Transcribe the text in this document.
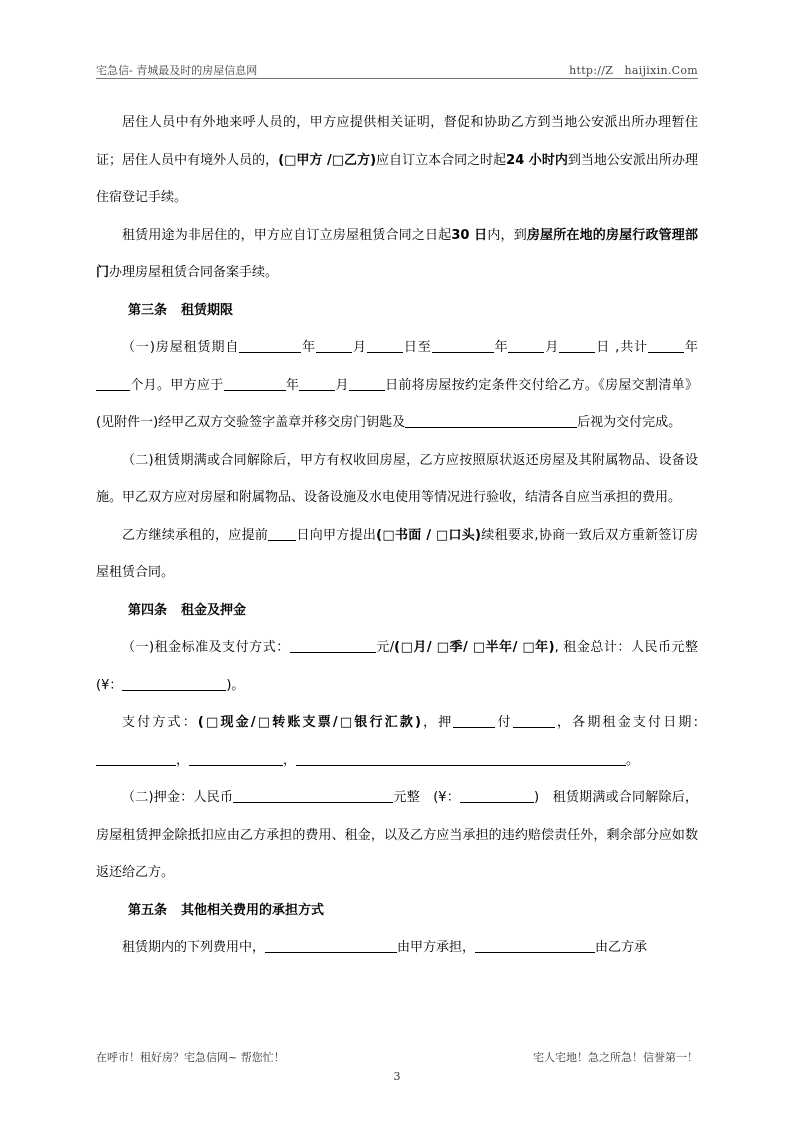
宅急信- 青城最及时的房屋信息网	http://Z　haijixin.Com

居住人员中有外地来呼人员的，甲方应提供相关证明，督促和协助乙方到当地公安派出所办理暂住证；居住人员中有境外人员的，(□甲方 /□乙方)应自订立本合同之时起24 小时内到当地公安派出所办理住宿登记手续。

租赁用途为非居住的，甲方应自订立房屋租赁合同之日起30 日内，到房屋所在地的房屋行政管理部门办理房屋租赁合同备案手续。

第三条 租赁期限

（一)房屋租赁期自	年	月	日至	年	月	日 ,共计	年个月。甲方应于	年	月	日前将房屋按约定条件交付给乙方。《房屋交割清单》(见附件一)经甲乙双方交验签字盖章并移交房门钥匙及	后视为交付完成。

（二)租赁期满或合同解除后，甲方有权收回房屋，乙方应按照原状返还房屋及其附属物品、设备设施。甲乙双方应对房屋和附属物品、设备设施及水电使用等情况进行验收，结清各自应当承担的费用。

乙方继续承租的，应提前 日向甲方提出(□书面 / □口头)续租要求,协商一致后双方重新签订房屋租赁合同。

第四条 租金及押金

（一)租金标准及支付方式：	元/(□月/ □季/ □半年/ □年), 租金总计：人民币元整(¥：	)。

支付方式：(□现金/□转账支票/□银行汇款)，押	付	，各期租金支付日期:，	，	。

（二)押金：人民币	元整　(¥：	)　租赁期满或合同解除后，房屋租赁押金除抵扣应由乙方承担的费用、租金，以及乙方应当承担的违约赔偿责任外，剩余部分应如数返还给乙方。

第五条 其他相关费用的承担方式

租赁期内的下列费用中，	由甲方承担，	由乙方承

在呼市！租好房？宅急信网~ 帮您忙！	宅人宅地！急之所急！信誉第一！
3
